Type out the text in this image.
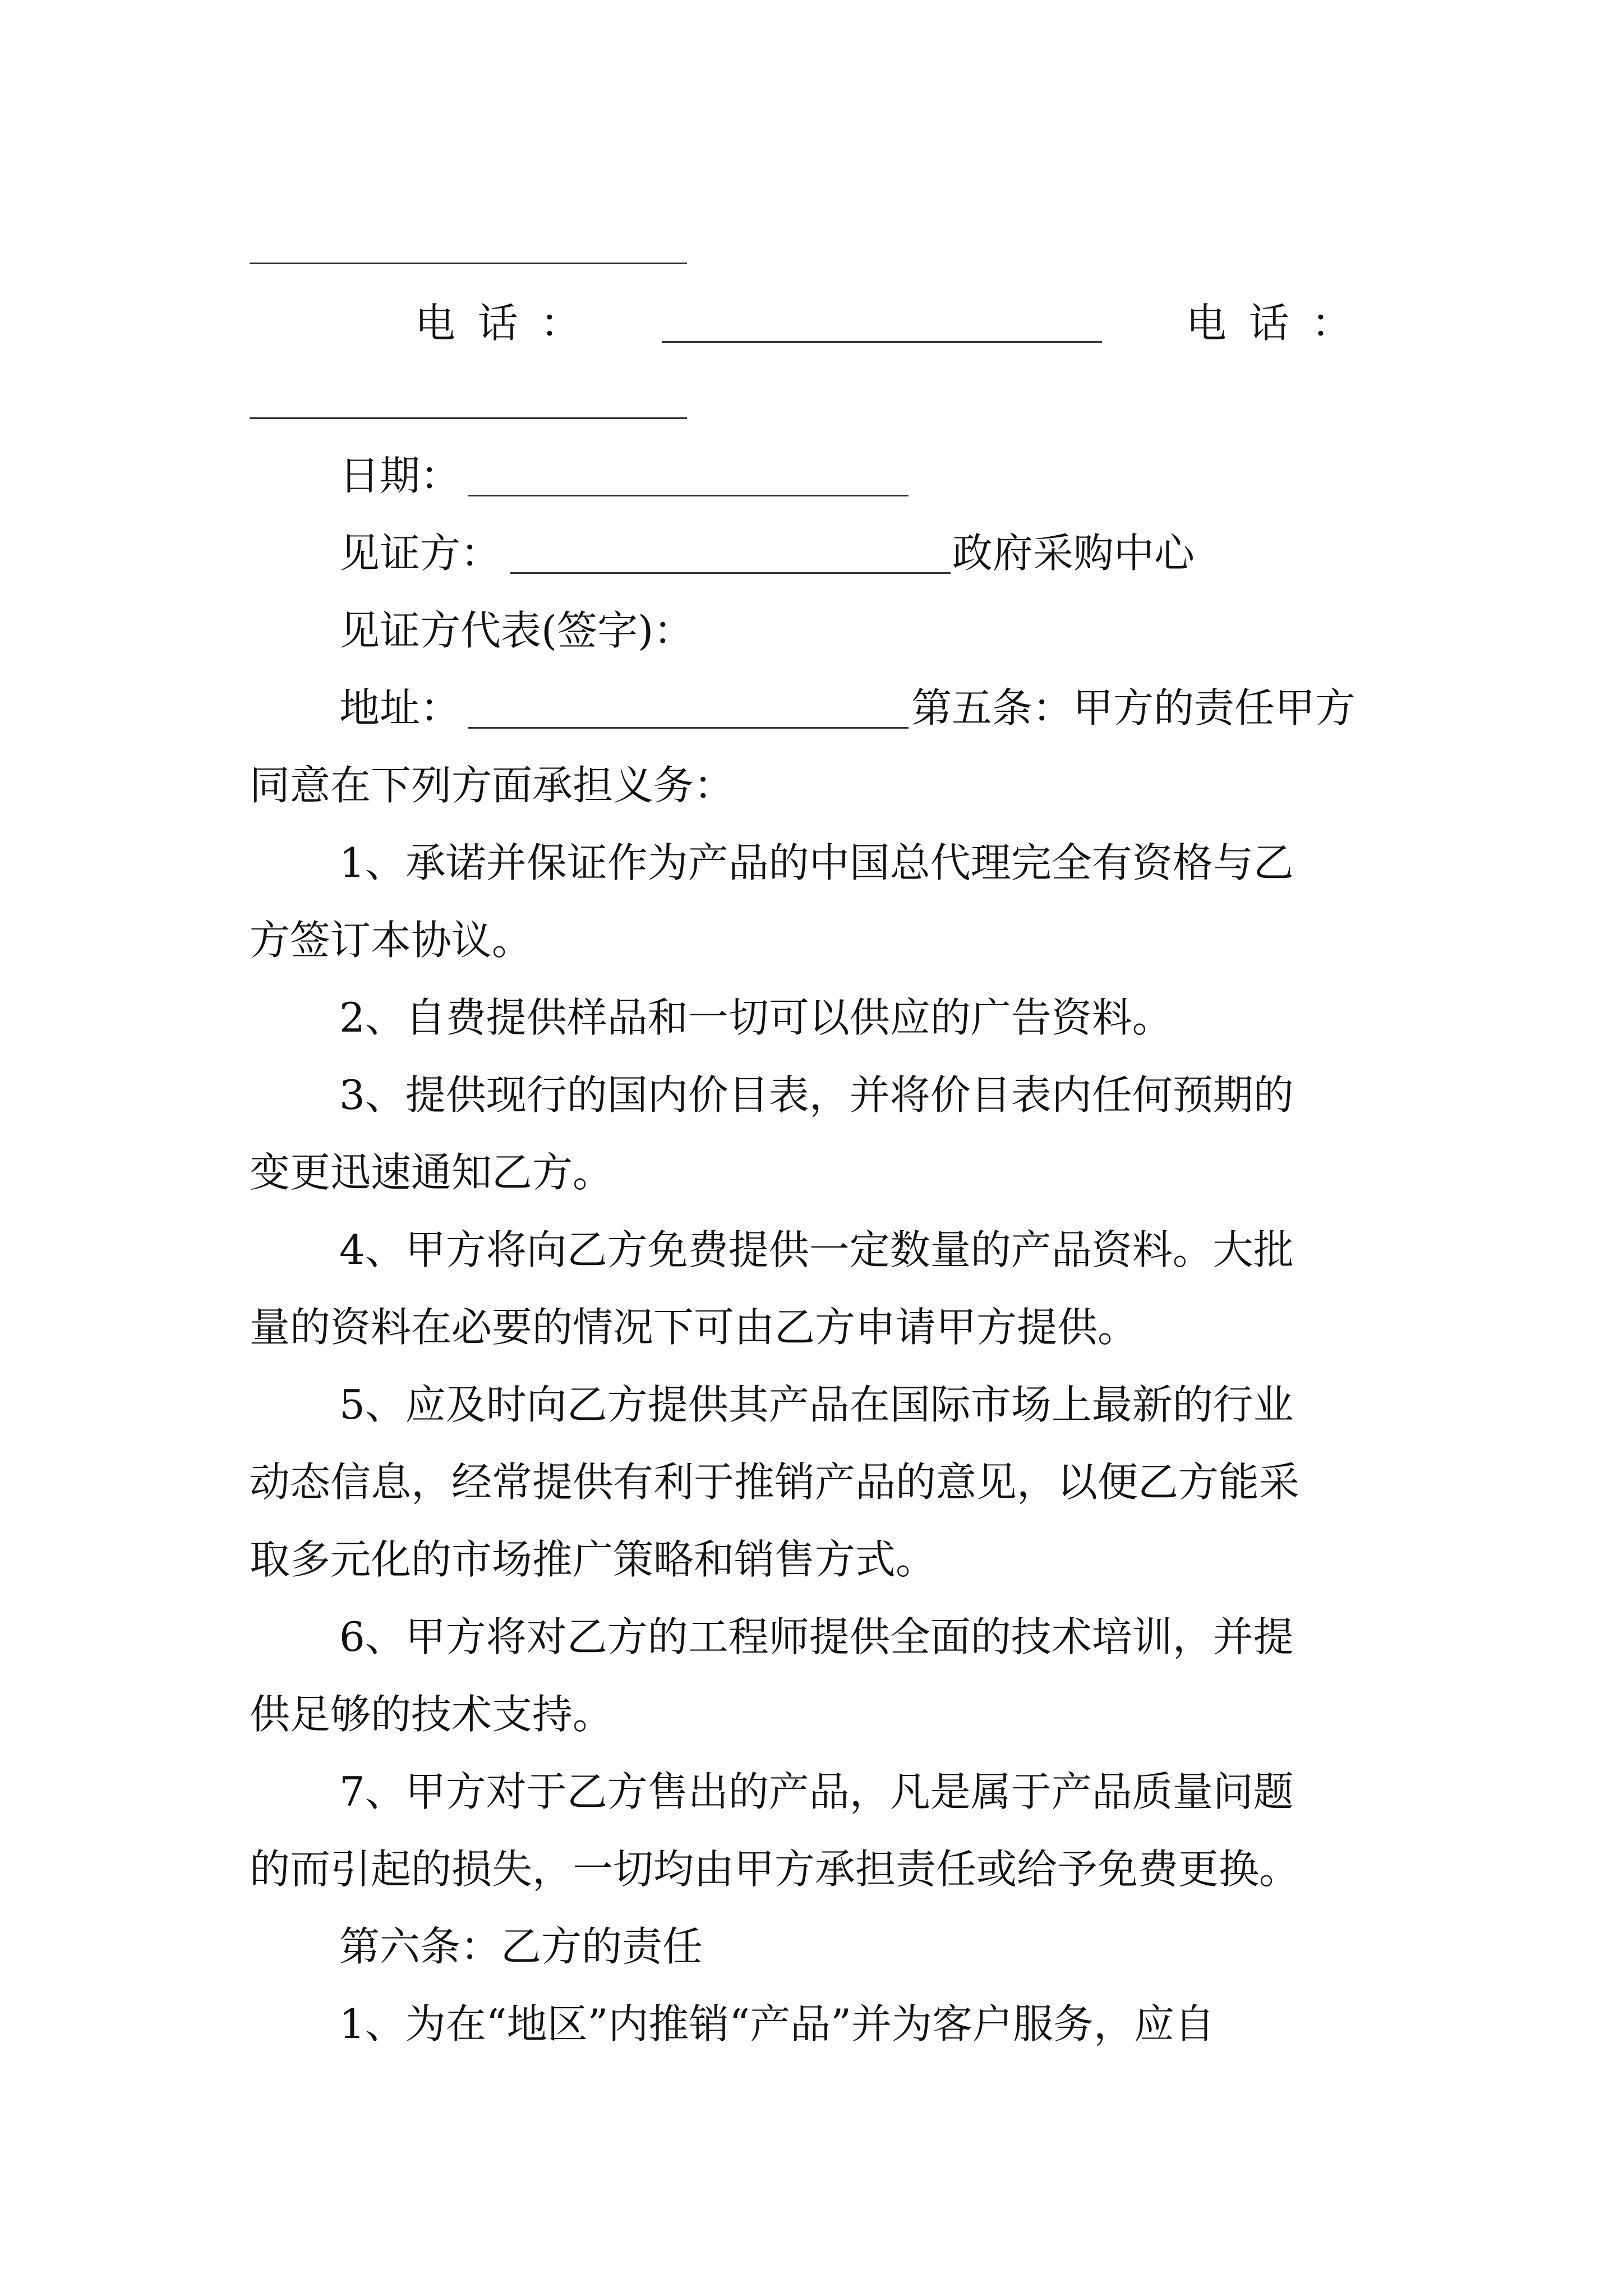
电话：	电话：
日期：
见证方：	政府采购中心
见证方代表(签字)：
地址：	第五条：甲方的责任甲方
同意在下列方面承担义务：
1、承诺并保证作为产品的中国总代理完全有资格与乙
方签订本协议。
2、自费提供样品和一切可以供应的广告资料。
3、提供现行的国内价目表，并将价目表内任何预期的
变更迅速通知乙方。
4、甲方将向乙方免费提供一定数量的产品资料。大批
量的资料在必要的情况下可由乙方申请甲方提供。
5、应及时向乙方提供其产品在国际市场上最新的行业
动态信息，经常提供有利于推销产品的意见，以便乙方能采
取多元化的市场推广策略和销售方式。
6、甲方将对乙方的工程师提供全面的技术培训，并提
供足够的技术支持。
7、甲方对于乙方售出的产品，凡是属于产品质量问题
的而引起的损失，一切均由甲方承担责任或给予免费更换。
第六条：乙方的责任
1、为在“地区”内推销“产品”并为客户服务，应自
